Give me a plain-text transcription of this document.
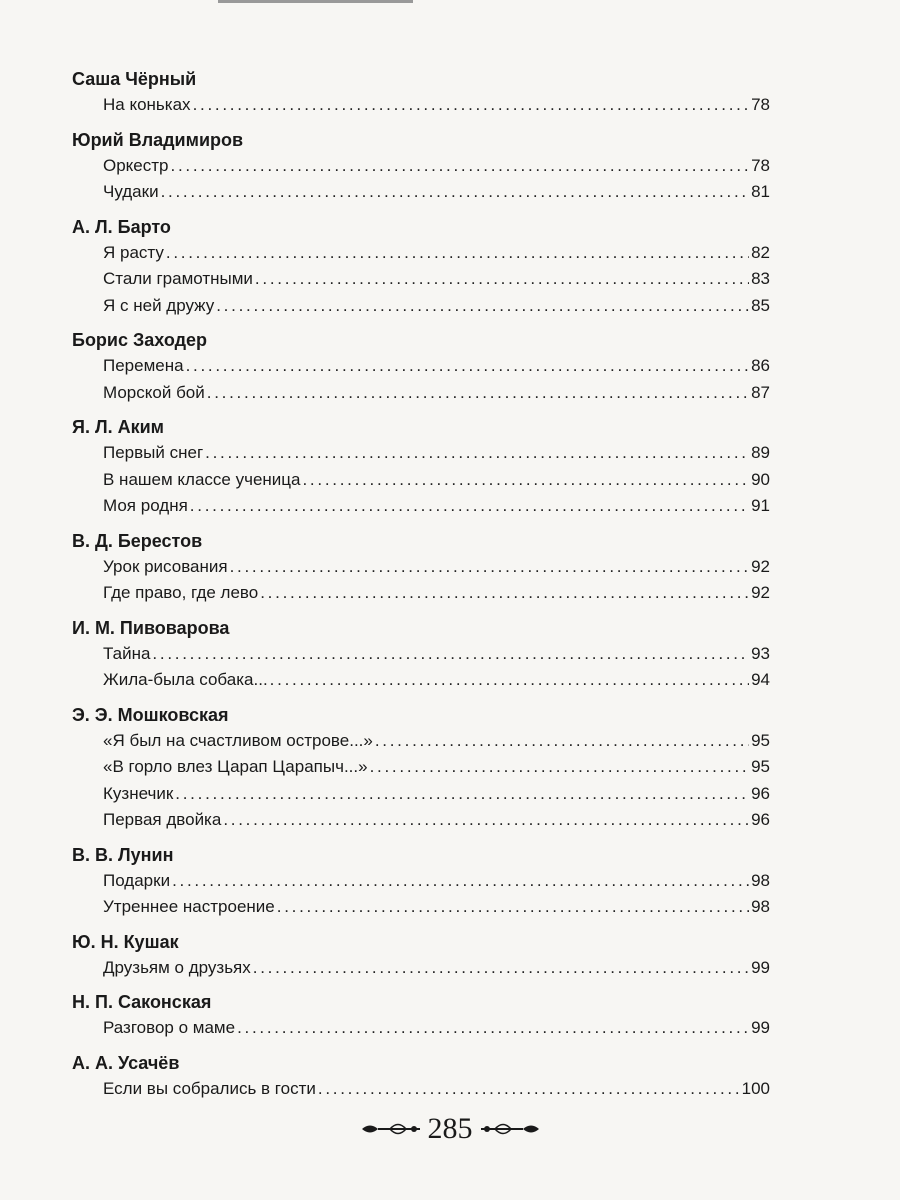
Саша Чёрный
На коньках . . .	78
Юрий Владимиров
Оркестр . . .	78
Чудаки . . .	81
А. Л. Барто
Я расту . . .	82
Стали грамотными . . .	83
Я с ней дружу . . .	85
Борис Заходер
Перемена . . .	86
Морской бой . . .	87
Я. Л. Аким
Первый снег . . .	89
В нашем классе ученица . . .	90
Моя родня . . .	91
В. Д. Берестов
Урок рисования . . .	92
Где право, где лево . . .	92
И. М. Пивоварова
Тайна . . .	93
Жила-была собака... . . .	94
Э. Э. Мошковская
«Я был на счастливом острове...» . . .	95
«В горло влез Царап Царапыч...» . . .	95
Кузнечик . . .	96
Первая двойка . . .	96
В. В. Лунин
Подарки . . .	98
Утреннее настроение . . .	98
Ю. Н. Кушак
Друзьям о друзьях . . .	99
Н. П. Саконская
Разговор о маме . . .	99
А. А. Усачёв
Если вы собрались в гости . . .	100
285
